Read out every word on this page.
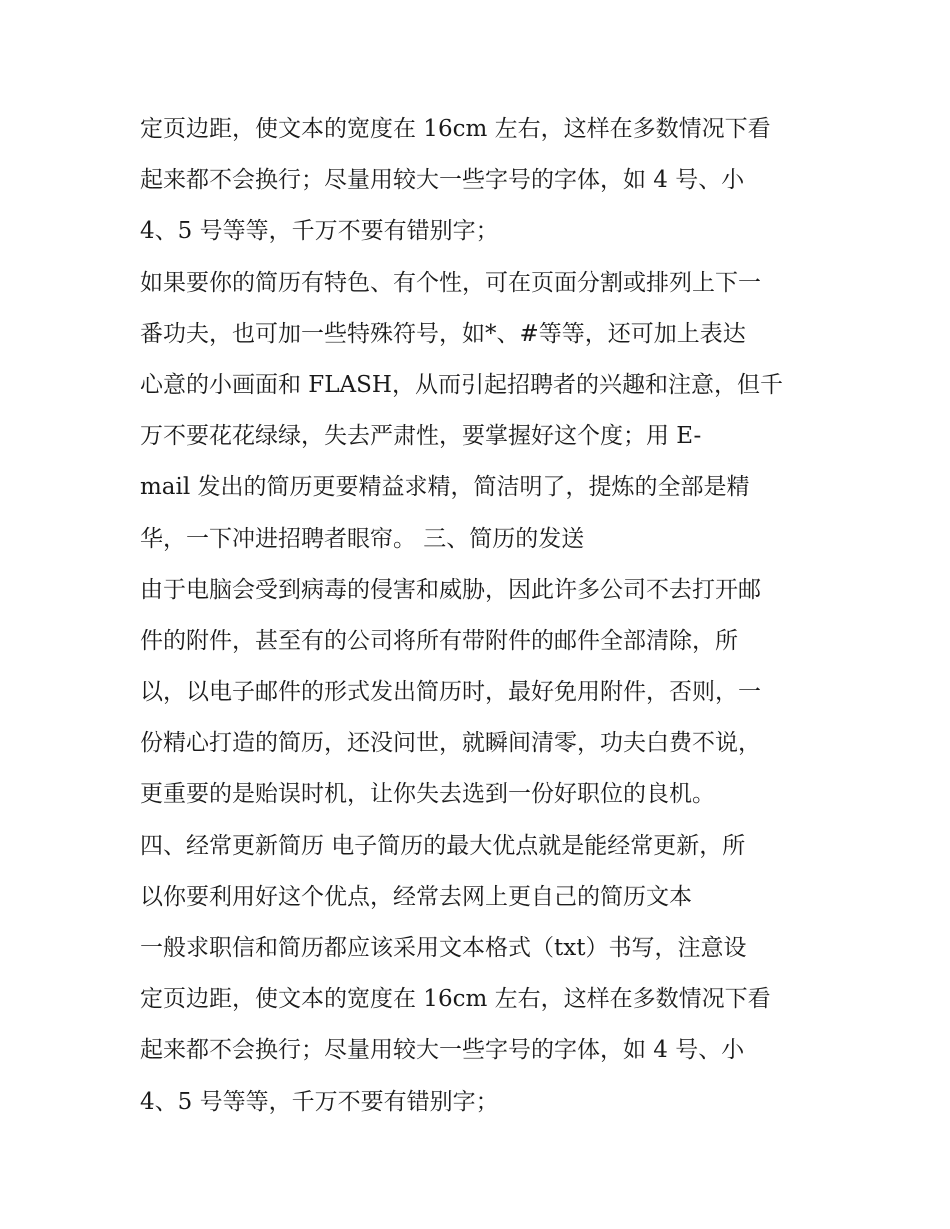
定页边距，使文本的宽度在 16cm 左右，这样在多数情况下看
起来都不会换行；尽量用较大一些字号的字体，如 4 号、小
4、5 号等等，千万不要有错别字；
如果要你的简历有特色、有个性，可在页面分割或排列上下一
番功夫，也可加一些特殊符号，如*、#等等，还可加上表达
心意的小画面和 FLASH，从而引起招聘者的兴趣和注意，但千
万不要花花绿绿，失去严肃性，要掌握好这个度；用 E-
mail 发出的简历更要精益求精，简洁明了，提炼的全部是精
华，一下冲进招聘者眼帘。 三、简历的发送
由于电脑会受到病毒的侵害和威胁，因此许多公司不去打开邮
件的附件，甚至有的公司将所有带附件的邮件全部清除，所
以，以电子邮件的形式发出简历时，最好免用附件，否则，一
份精心打造的简历，还没问世，就瞬间清零，功夫白费不说，
更重要的是贻误时机，让你失去选到一份好职位的良机。
四、经常更新简历 电子简历的最大优点就是能经常更新，所
以你要利用好这个优点，经常去网上更自己的简历文本
一般求职信和简历都应该采用文本格式（txt）书写，注意设
定页边距，使文本的宽度在 16cm 左右，这样在多数情况下看
起来都不会换行；尽量用较大一些字号的字体，如 4 号、小
4、5 号等等，千万不要有错别字；
